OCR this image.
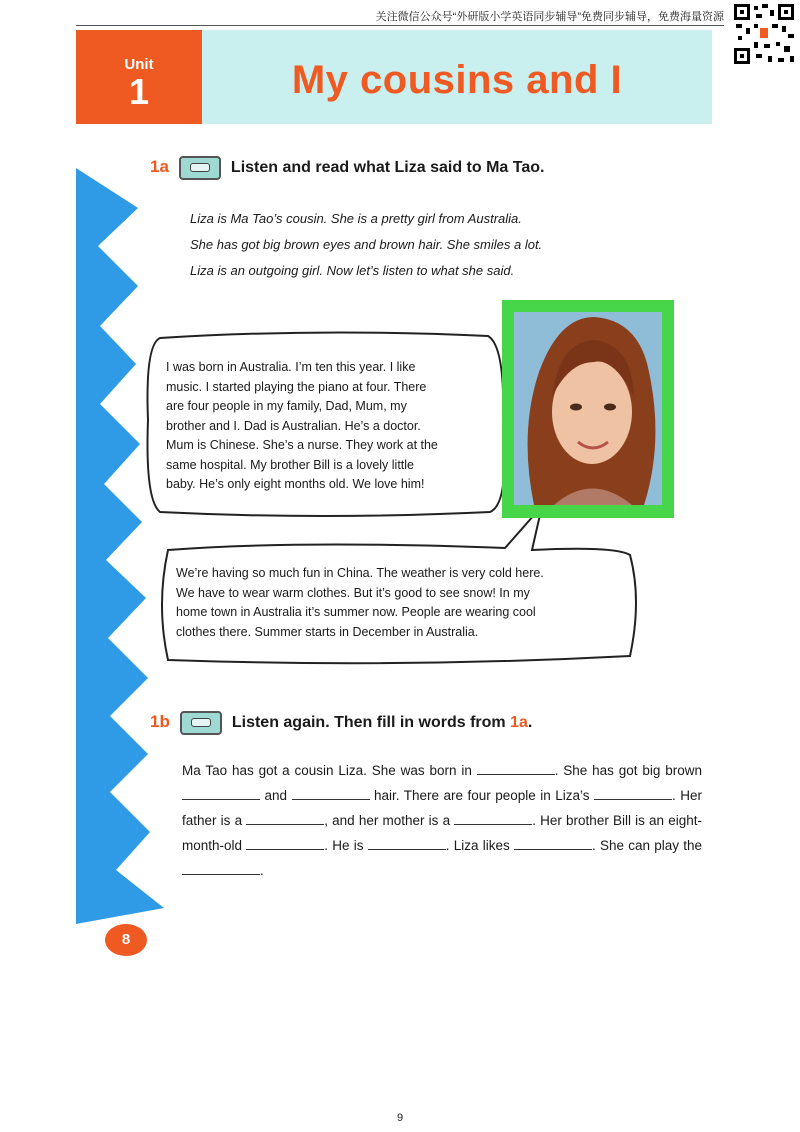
关注微信公众号“外研版小学英语同步辅导”免费同步辅导，免费海量资源
Unit
1	My cousins and I
1a	Listen and read what Liza said to Ma Tao.
Liza is Ma Tao’s cousin. She is a pretty girl from Australia.
She has got big brown eyes and brown hair. She smiles a lot.
Liza is an outgoing girl. Now let’s listen to what she said.
I was born in Australia. I’m ten this year. I like
music. I started playing the piano at four. There
are four people in my family, Dad, Mum, my
brother and I. Dad is Australian. He’s a doctor.
Mum is Chinese. She’s a nurse. They work at the
same hospital. My brother Bill is a lovely little
baby. He’s only eight months old. We love him!
We’re having so much fun in China. The weather is very cold here.
We have to wear warm clothes. But it’s good to see snow! In my
home town in Australia it’s summer now. People are wearing cool
clothes there. Summer starts in December in Australia.
1b	Listen again. Then fill in words from 1a.
Ma Tao has got a cousin Liza. She was born in	. She has got big brown  and	hair. There are four people in Liza’s	. Her father is a	, and her mother is a	. Her brother Bill is an eight-month-old	. He is	. Liza likes	. She can play the .
8
9
